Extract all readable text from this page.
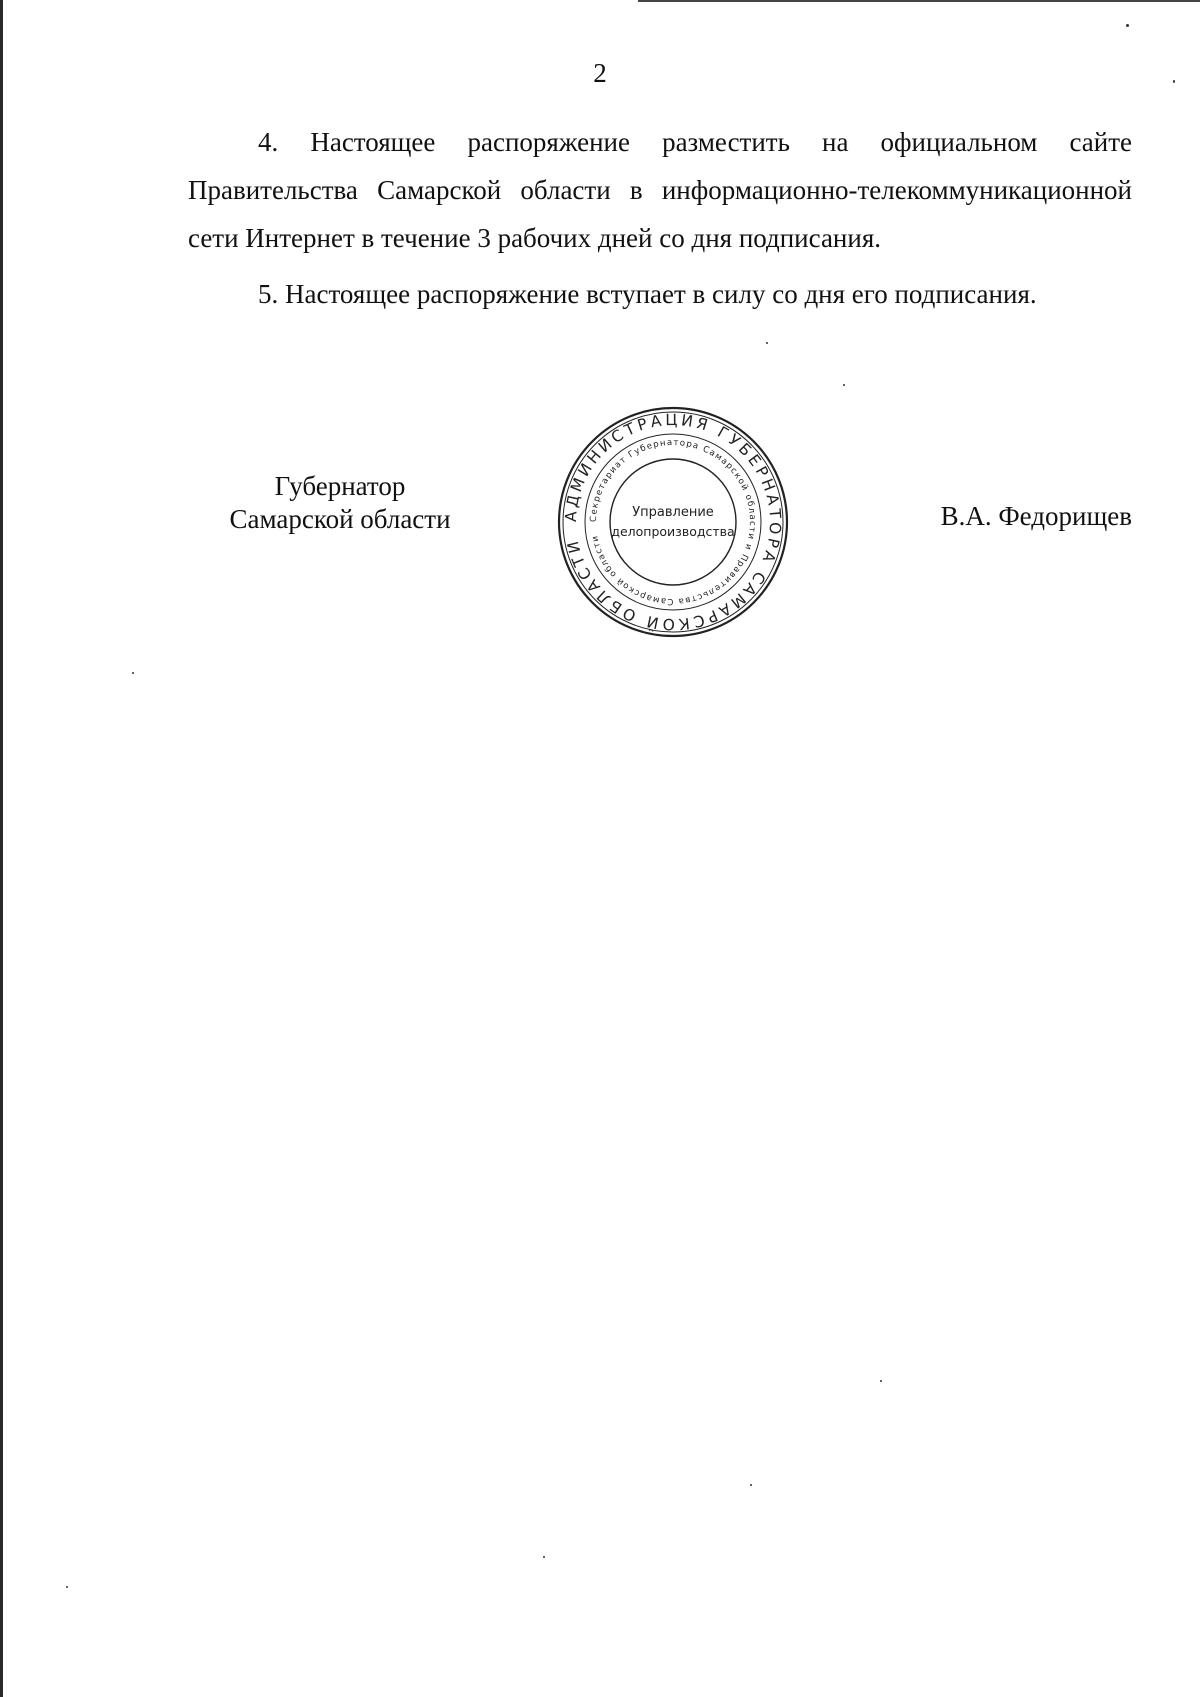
2

4. Настоящее распоряжение разместить на официальном сайте Правительства Самарской области в информационно-телекоммуникационной сети Интернет в течение 3 рабочих дней со дня подписания.

5. Настоящее распоряжение вступает в силу со дня его подписания.

Губернатор
Самарской области	В.А. Федорищев
АДМИНИСТРАЦИЯ ГУБЕРНАТОРА САМАРСКОЙ ОБЛАСТИ
Секретариат Губернатора Самарской области и Правительства Самарской области
Управление
делопроизводства
